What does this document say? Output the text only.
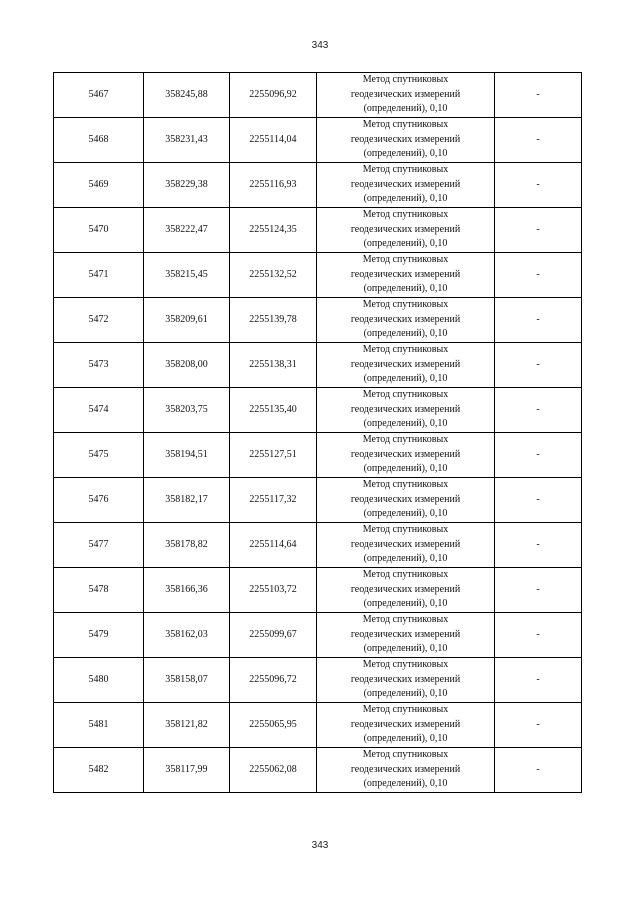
343
5467	358245,88	2255096,92	Метод спутниковых
геодезических измерений
(определений), 0,10	-
5468	358231,43	2255114,04	Метод спутниковых
геодезических измерений
(определений), 0,10	-
5469	358229,38	2255116,93	Метод спутниковых
геодезических измерений
(определений), 0,10	-
5470	358222,47	2255124,35	Метод спутниковых
геодезических измерений
(определений), 0,10	-
5471	358215,45	2255132,52	Метод спутниковых
геодезических измерений
(определений), 0,10	-
5472	358209,61	2255139,78	Метод спутниковых
геодезических измерений
(определений), 0,10	-
5473	358208,00	2255138,31	Метод спутниковых
геодезических измерений
(определений), 0,10	-
5474	358203,75	2255135,40	Метод спутниковых
геодезических измерений
(определений), 0,10	-
5475	358194,51	2255127,51	Метод спутниковых
геодезических измерений
(определений), 0,10	-
5476	358182,17	2255117,32	Метод спутниковых
геодезических измерений
(определений), 0,10	-
5477	358178,82	2255114,64	Метод спутниковых
геодезических измерений
(определений), 0,10	-
5478	358166,36	2255103,72	Метод спутниковых
геодезических измерений
(определений), 0,10	-
5479	358162,03	2255099,67	Метод спутниковых
геодезических измерений
(определений), 0,10	-
5480	358158,07	2255096,72	Метод спутниковых
геодезических измерений
(определений), 0,10	-
5481	358121,82	2255065,95	Метод спутниковых
геодезических измерений
(определений), 0,10	-
5482	358117,99	2255062,08	Метод спутниковых
геодезических измерений
(определений), 0,10	-
343
